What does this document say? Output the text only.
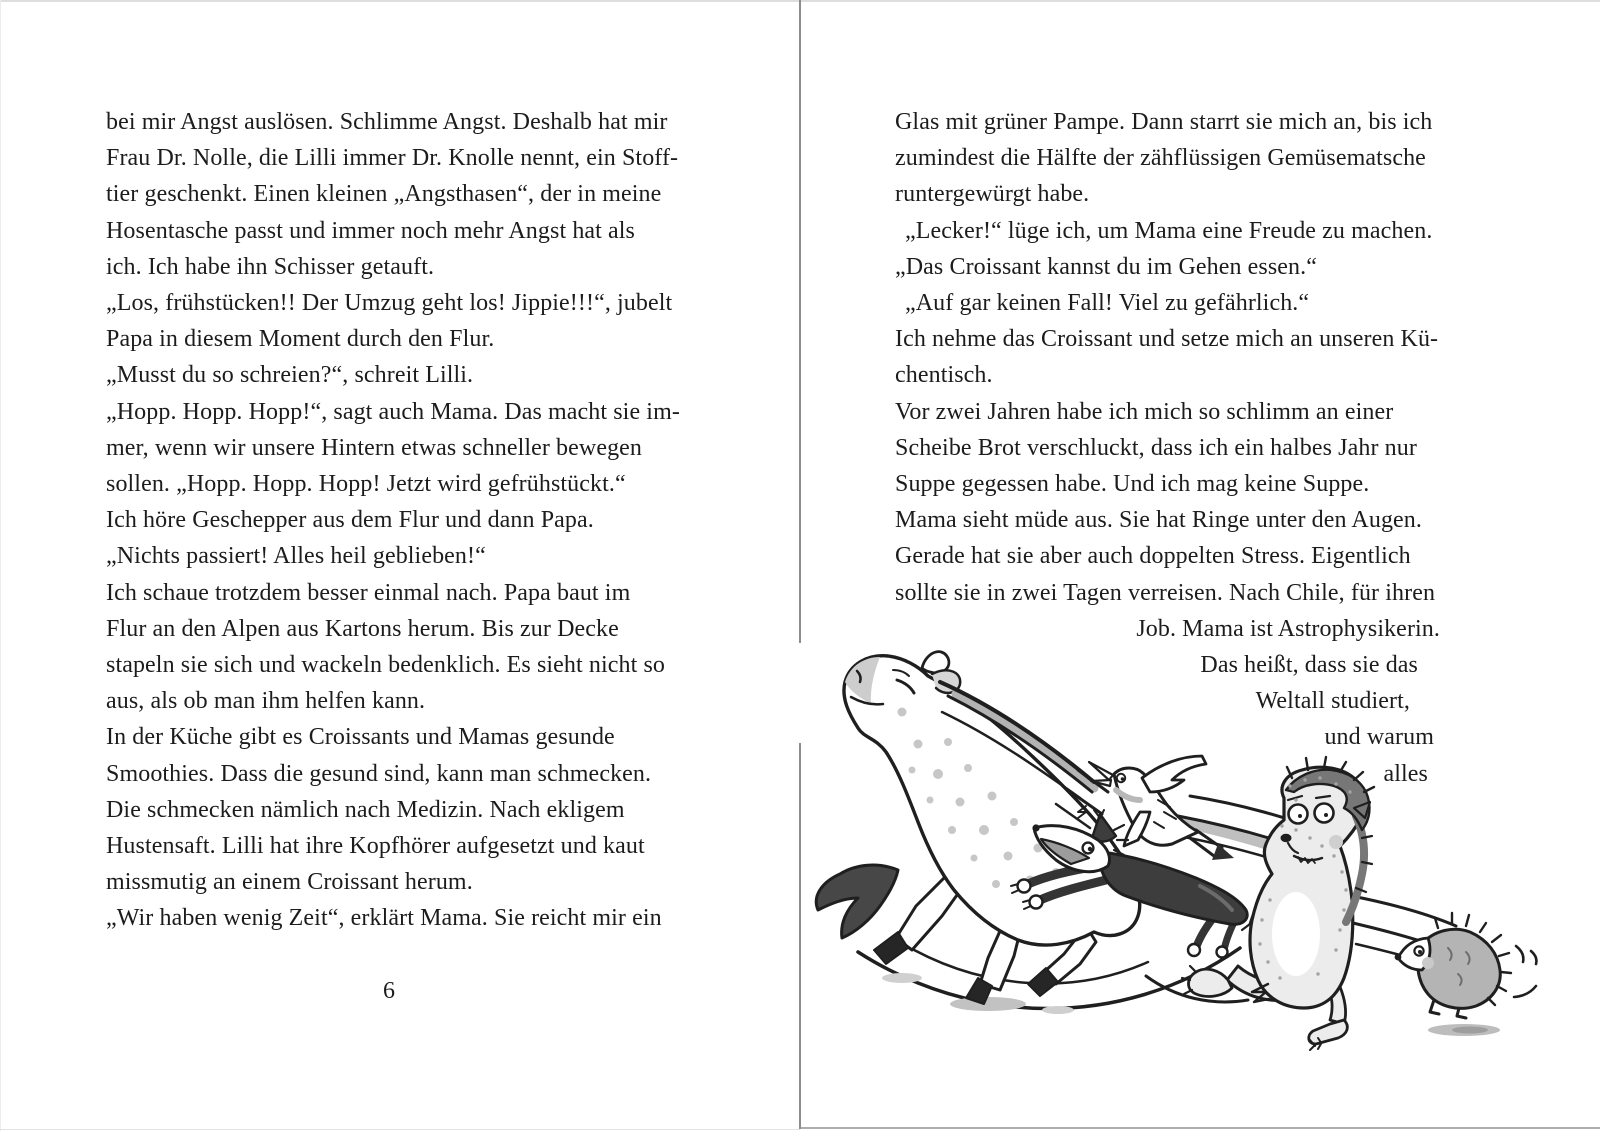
bei mir Angst auslösen. Schlimme Angst. Deshalb hat mir
Frau Dr. Nolle, die Lilli immer Dr. Knolle nennt, ein Stoff-
tier geschenkt. Einen kleinen „Angsthasen“, der in meine
Hosentasche passt und immer noch mehr Angst hat als
ich. Ich habe ihn Schisser getauft.
„Los, frühstücken!! Der Umzug geht los! Jippie!!!“, jubelt
Papa in diesem Moment durch den Flur.
„Musst du so schreien?“, schreit Lilli.
„Hopp. Hopp. Hopp!“, sagt auch Mama. Das macht sie im-
mer, wenn wir unsere Hintern etwas schneller bewegen
sollen. „Hopp. Hopp. Hopp! Jetzt wird gefrühstückt.“
Ich höre Geschepper aus dem Flur und dann Papa.
„Nichts passiert! Alles heil geblieben!“
Ich schaue trotzdem besser einmal nach. Papa baut im
Flur an den Alpen aus Kartons herum. Bis zur Decke
stapeln sie sich und wackeln bedenklich. Es sieht nicht so
aus, als ob man ihm helfen kann.
In der Küche gibt es Croissants und Mamas gesunde
Smoothies. Dass die gesund sind, kann man schmecken.
Die schmecken nämlich nach Medizin. Nach ekligem
Hustensaft. Lilli hat ihre Kopfhörer aufgesetzt und kaut
missmutig an einem Croissant herum.
„Wir haben wenig Zeit“, erklärt Mama. Sie reicht mir ein
6
Glas mit grüner Pampe. Dann starrt sie mich an, bis ich
zumindest die Hälfte der zähflüssigen Gemüsematsche
runtergewürgt habe.
„Lecker!“ lüge ich, um Mama eine Freude zu machen.
„Das Croissant kannst du im Gehen essen.“
„Auf gar keinen Fall! Viel zu gefährlich.“
Ich nehme das Croissant und setze mich an unseren Kü-
chentisch.
Vor zwei Jahren habe ich mich so schlimm an einer
Scheibe Brot verschluckt, dass ich ein halbes Jahr nur
Suppe gegessen habe. Und ich mag keine Suppe.
Mama sieht müde aus. Sie hat Ringe unter den Augen.
Gerade hat sie aber auch doppelten Stress. Eigentlich
sollte sie in zwei Tagen verreisen. Nach Chile, für ihren
Job. Mama ist Astrophysikerin.
Das heißt, dass sie das
Weltall studiert,
und warum
alles
